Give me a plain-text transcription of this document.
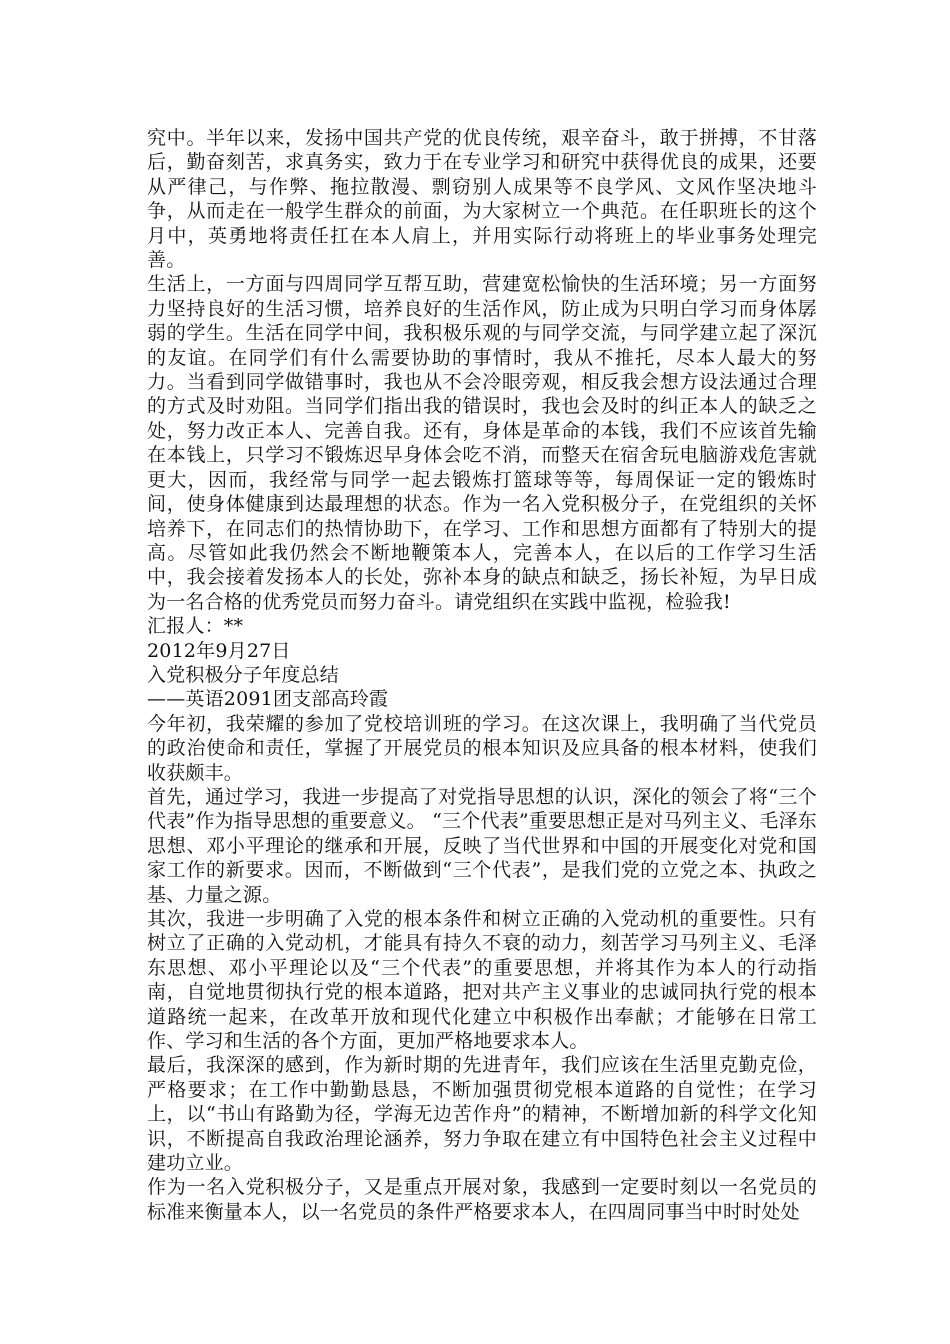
究中。半年以来，发扬中国共产党的优良传统，艰辛奋斗，敢于拼搏，不甘落后，勤奋刻苦，求真务实，致力于在专业学习和研究中获得优良的成果，还要从严律己，与作弊、拖拉散漫、剽窃别人成果等不良学风、文风作坚决地斗争，从而走在一般学生群众的前面，为大家树立一个典范。在任职班长的这个月中，英勇地将责任扛在本人肩上，并用实际行动将班上的毕业事务处理完善。

生活上，一方面与四周同学互帮互助，营建宽松愉快的生活环境；另一方面努力坚持良好的生活习惯，培养良好的生活作风，防止成为只明白学习而身体孱弱的学生。生活在同学中间，我积极乐观的与同学交流，与同学建立起了深沉的友谊。在同学们有什么需要协助的事情时，我从不推托，尽本人最大的努力。当看到同学做错事时，我也从不会冷眼旁观，相反我会想方设法通过合理的方式及时劝阻。当同学们指出我的错误时，我也会及时的纠正本人的缺乏之处，努力改正本人、完善自我。还有，身体是革命的本钱，我们不应该首先输在本钱上，只学习不锻炼迟早身体会吃不消，而整天在宿舍玩电脑游戏危害就更大，因而，我经常与同学一起去锻炼打篮球等等，每周保证一定的锻炼时间，使身体健康到达最理想的状态。作为一名入党积极分子，在党组织的关怀培养下，在同志们的热情协助下，在学习、工作和思想方面都有了特别大的提高。尽管如此我仍然会不断地鞭策本人，完善本人，在以后的工作学习生活中，我会接着发扬本人的长处，弥补本身的缺点和缺乏，扬长补短，为早日成为一名合格的优秀党员而努力奋斗。请党组织在实践中监视，检验我!

汇报人：**

2012年9月27日

入党积极分子年度总结

——英语2091团支部高玲霞

今年初，我荣耀的参加了党校培训班的学习。在这次课上，我明确了当代党员的政治使命和责任，掌握了开展党员的根本知识及应具备的根本材料，使我们收获颇丰。

首先，通过学习，我进一步提高了对党指导思想的认识，深化的领会了将“三个代表”作为指导思想的重要意义。 “三个代表”重要思想正是对马列主义、毛泽东思想、邓小平理论的继承和开展，反映了当代世界和中国的开展变化对党和国家工作的新要求。因而，不断做到“三个代表”，是我们党的立党之本、执政之基、力量之源。

其次，我进一步明确了入党的根本条件和树立正确的入党动机的重要性。只有树立了正确的入党动机，才能具有持久不衰的动力，刻苦学习马列主义、毛泽东思想、邓小平理论以及“三个代表”的重要思想，并将其作为本人的行动指南，自觉地贯彻执行党的根本道路，把对共产主义事业的忠诚同执行党的根本道路统一起来，在改革开放和现代化建立中积极作出奉献；才能够在日常工作、学习和生活的各个方面，更加严格地要求本人。

最后，我深深的感到，作为新时期的先进青年，我们应该在生活里克勤克俭，严格要求；在工作中勤勤恳恳，不断加强贯彻党根本道路的自觉性；在学习上，以“书山有路勤为径，学海无边苦作舟”的精神，不断增加新的科学文化知识，不断提高自我政治理论涵养，努力争取在建立有中国特色社会主义过程中建功立业。

作为一名入党积极分子，又是重点开展对象，我感到一定要时刻以一名党员的标准来衡量本人，以一名党员的条件严格要求本人，在四周同事当中时时处处
